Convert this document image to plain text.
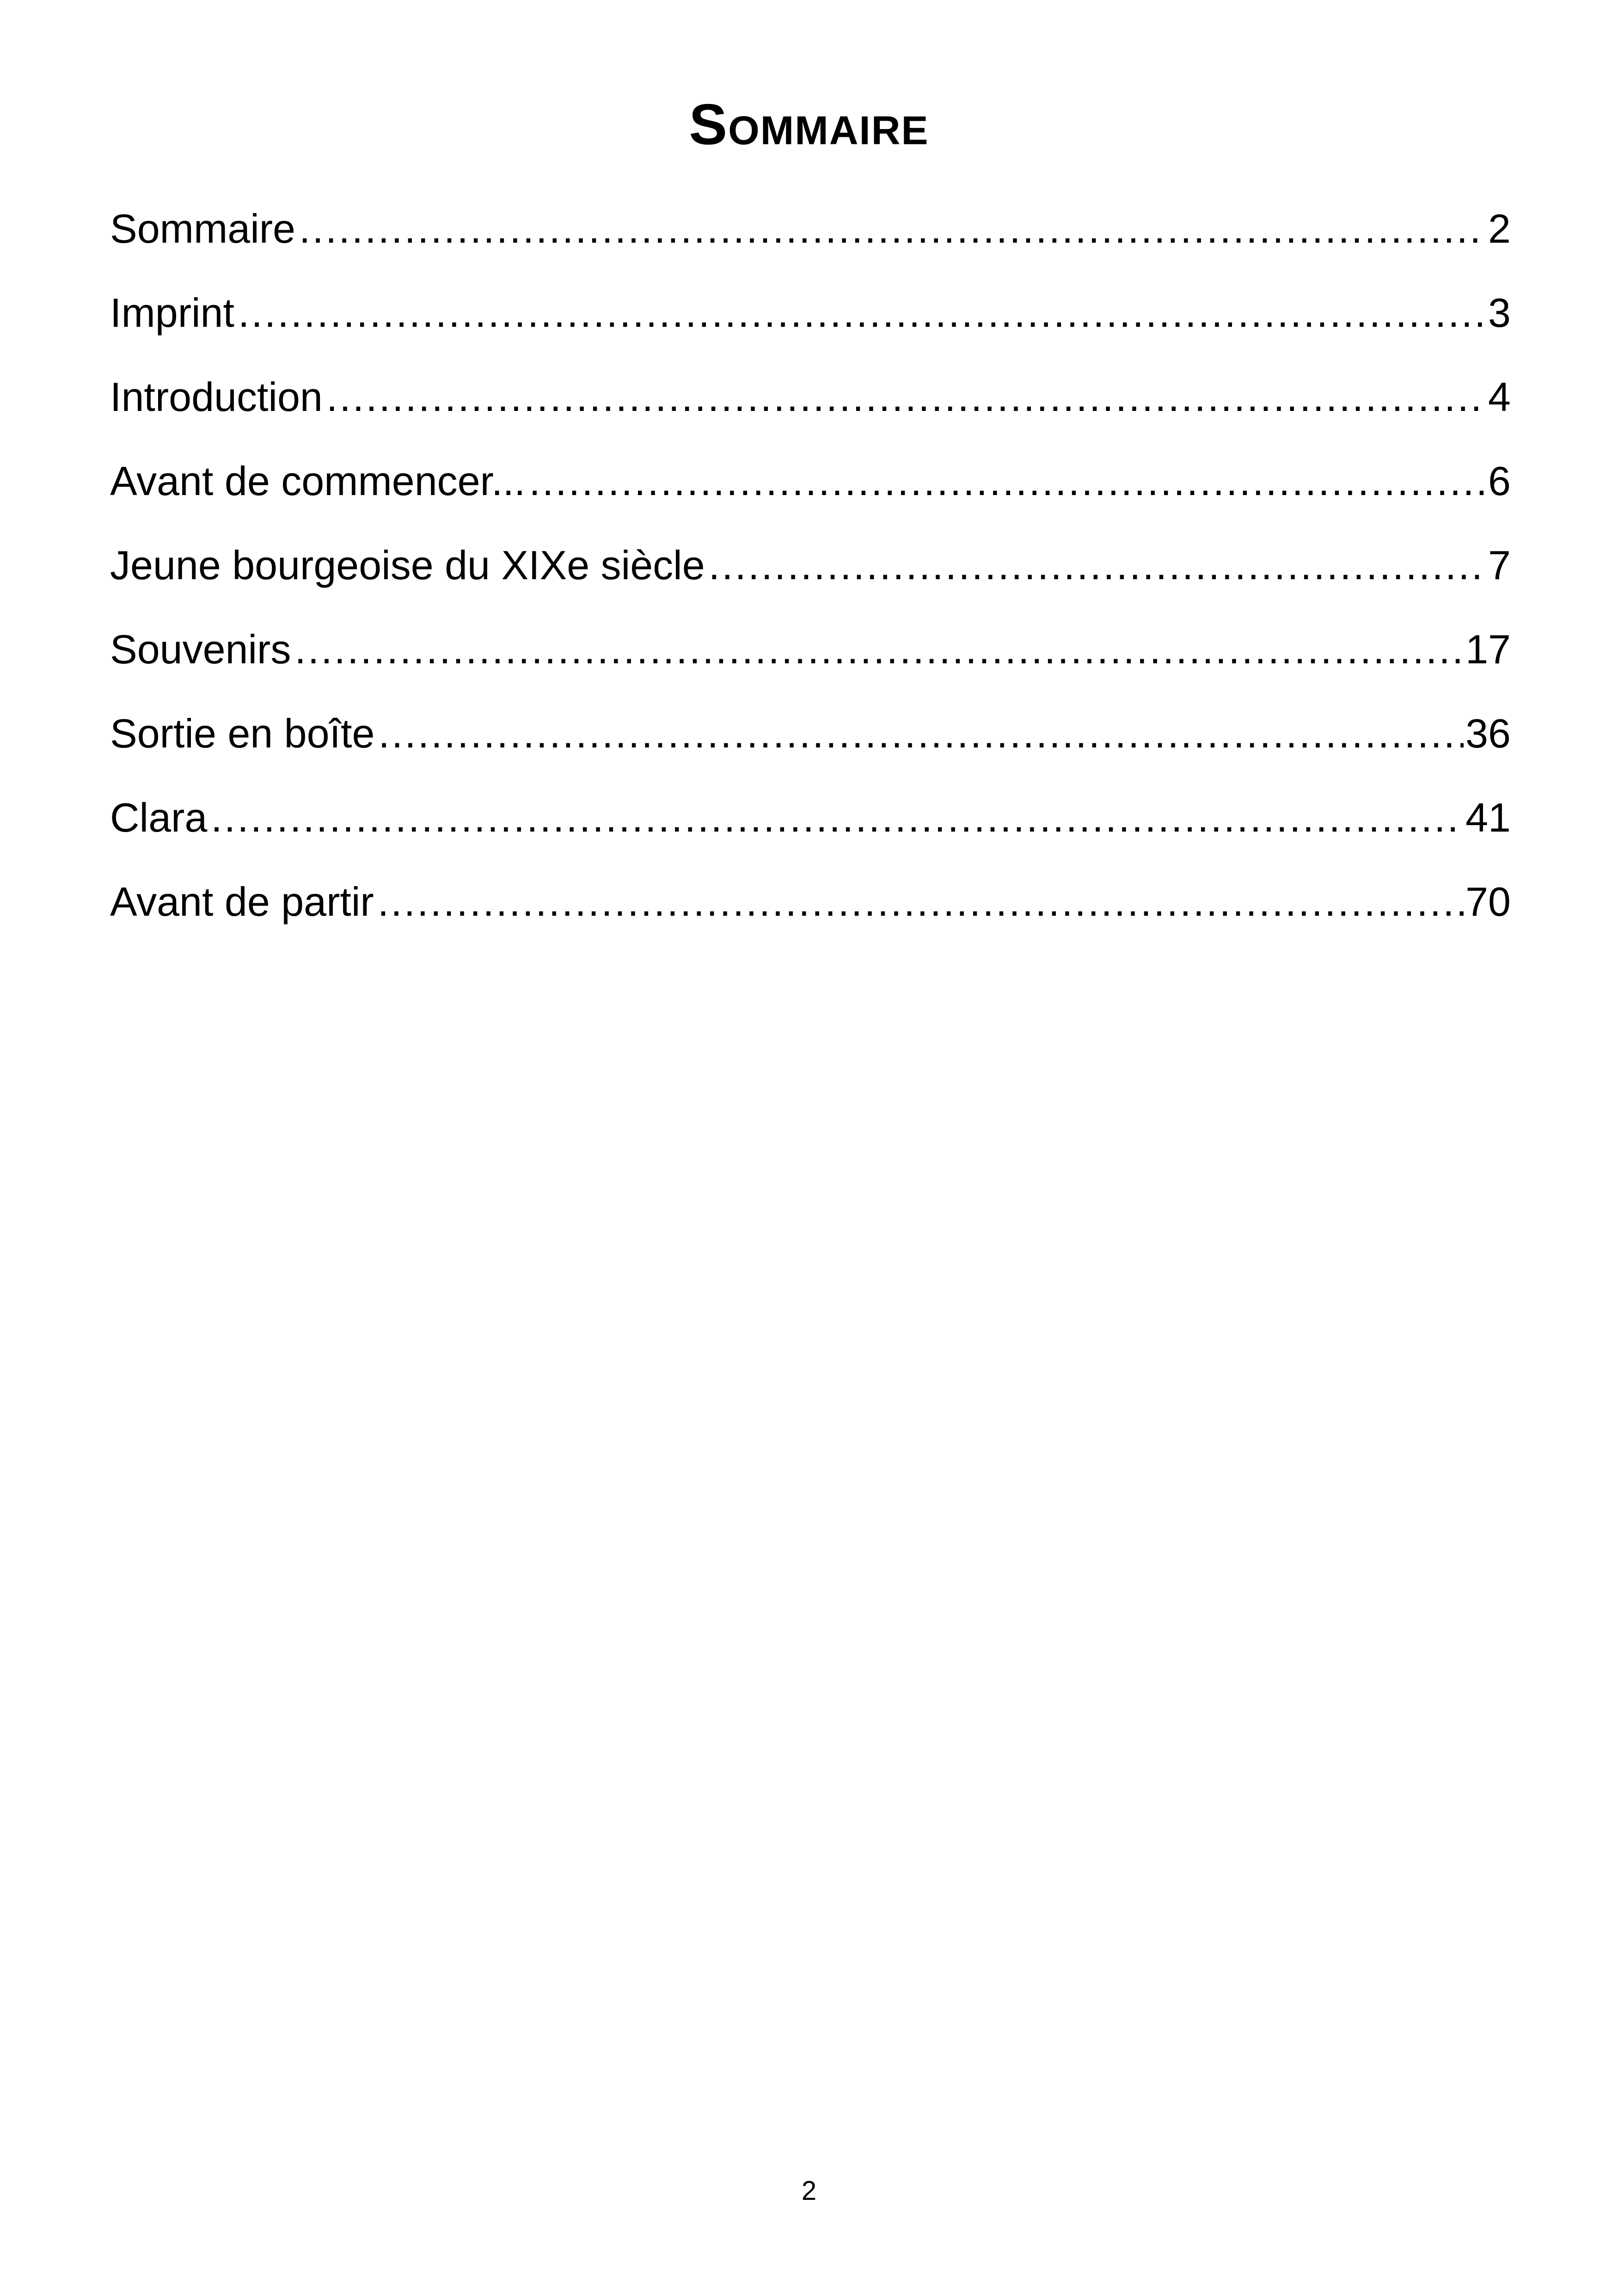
Sommaire
Sommaire .....	2
Imprint .....	3
Introduction .....	4
Avant de commencer... .....	6
Jeune bourgeoise du XIXe siècle .....	7
Souvenirs .....	17
Sortie en boîte .....	36
Clara .....	41
Avant de partir .....	70
2
